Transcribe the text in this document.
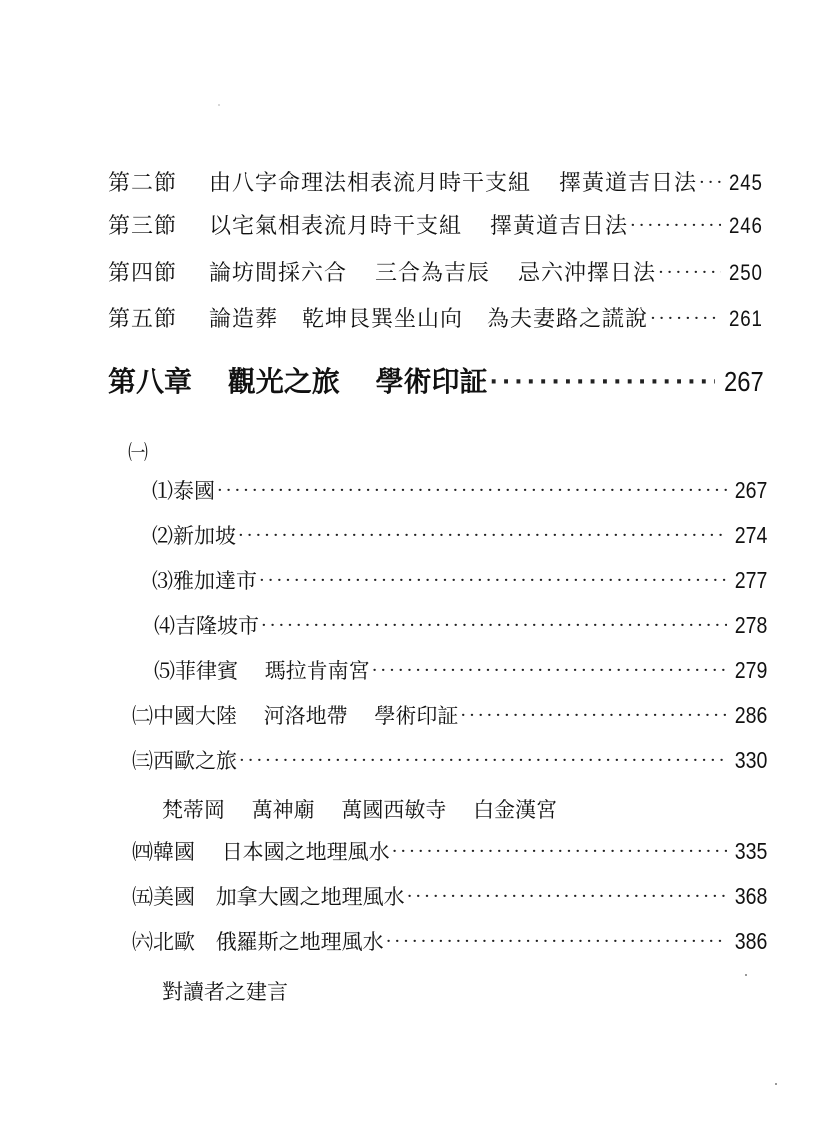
第二節 由八字命理法相表流月時干支組 擇黃道吉日法 ····· 245
第三節 以宅氣相表流月時干支組 擇黃道吉日法 ·····	246
第四節 論坊間採六合 三合為吉辰 忌六沖擇日法 ·····	250
第五節 論造葬 乾坤艮巽坐山向 為夫妻路之謊說 ·····	261
第八章 觀光之旅 學術印証 ·····	267
㈠
⑴泰國 ·····	267
⑵新加坡 ·····	274
⑶雅加達市 ·····	277
⑷吉隆坡市 ·····	278
⑸菲律賓 瑪拉肯南宮 ·····	279
㈡中國大陸 河洛地帶 學術印証 ·····	286
㈢西歐之旅 ·····	330
梵蒂岡 萬神廟 萬國西敏寺 白金漢宮
㈣韓國 日本國之地理風水 ·····	335
㈤美國 加拿大國之地理風水 ·····	368
㈥北歐 俄羅斯之地理風水 ·····	386
對讀者之建言
